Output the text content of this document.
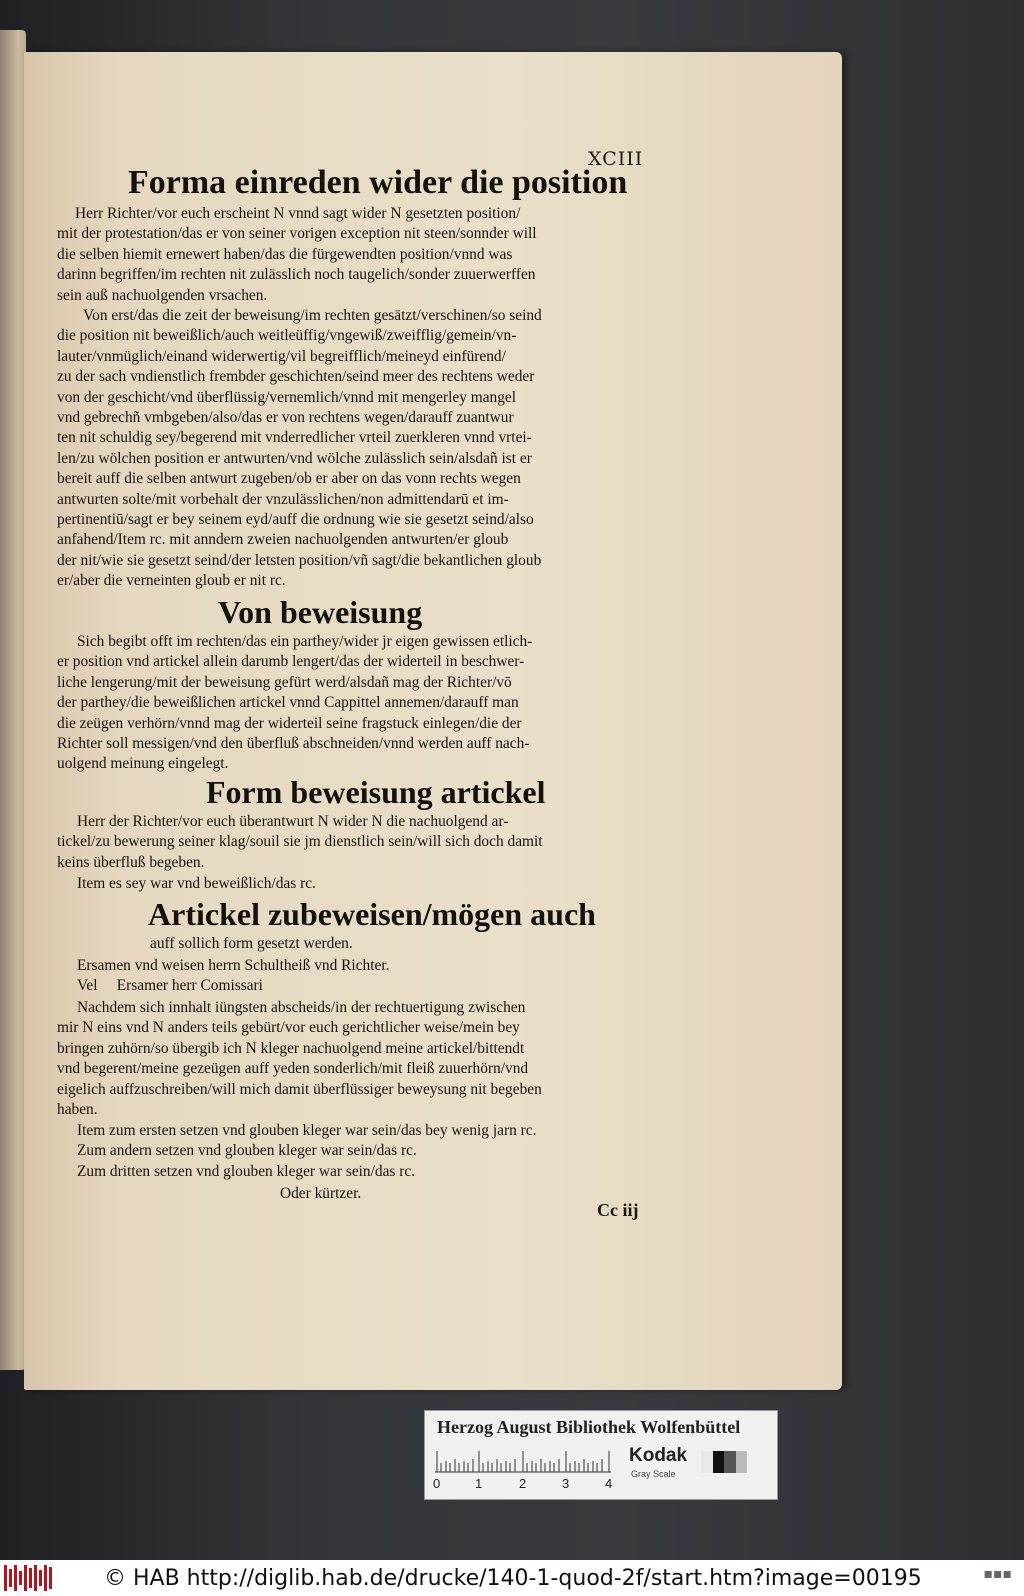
XCIII

Forma einreden wider die position
Herr Richter/vor euch erscheint N vnnd sagt wider N gesetzten position/
mit der protestation/das er von seiner vorigen exception nit steen/sonnder will
die selben hiemit ernewert haben/das die fürgewendten position/vnnd was
darinn begriffen/im rechten nit zulässlich noch taugelich/sonder zuuerwerffen
sein auß nachuolgenden vrsachen.
Von erst/das die zeit der beweisung/im rechten gesätzt/verschinen/so seind
die position nit beweißlich/auch weitleüffig/vngewiß/zweifflig/gemein/vn-
lauter/vnmüglich/einand widerwertig/vil begreifflich/meineyd einfürend/
zu der sach vndienstlich frembder geschichten/seind meer des rechtens weder
von der geschicht/vnd überflüssig/vernemlich/vnnd mit mengerley mangel
vnd gebrechñ vmbgeben/also/das er von rechtens wegen/darauff zuantwur
ten nit schuldig sey/begerend mit vnderredlicher vrteil zuerkleren vnnd vrtei-
len/zu wölchen position er antwurten/vnd wölche zulässlich sein/alsdañ ist er
bereit auff die selben antwurt zugeben/ob er aber on das vonn rechts wegen
antwurten solte/mit vorbehalt der vnzulässlichen/non admittendarū et im-
pertinentiū/sagt er bey seinem eyd/auff die ordnung wie sie gesetzt seind/also
anfahend/Item rc. mit anndern zweien nachuolgenden antwurten/er gloub
der nit/wie sie gesetzt seind/der letsten position/vñ sagt/die bekantlichen gloub
er/aber die verneinten gloub er nit rc.
Von beweisung
Sich begibt offt im rechten/das ein parthey/wider jr eigen gewissen etlich-
er position vnd artickel allein darumb lengert/das der widerteil in beschwer-
liche lengerung/mit der beweisung gefürt werd/alsdañ mag der Richter/vō
der parthey/die beweißlichen artickel vnnd Cappittel annemen/darauff man
die zeügen verhörn/vnnd mag der widerteil seine fragstuck einlegen/die der
Richter soll messigen/vnd den überfluß abschneiden/vnnd werden auff nach-
uolgend meinung eingelegt.
Form beweisung artickel
Herr der Richter/vor euch überantwurt N wider N die nachuolgend ar-
tickel/zu bewerung seiner klag/souil sie jm dienstlich sein/will sich doch damit
keins überfluß begeben.
Item es sey war vnd beweißlich/das rc.
Artickel zubeweisen/mögen auch
auff sollich form gesetzt werden.
Ersamen vnd weisen herrn Schultheiß vnd Richter.
Vel Ersamer herr Comissari
Nachdem sich innhalt iüngsten abscheids/in der rechtuertigung zwischen
mir N eins vnd N anders teils gebürt/vor euch gerichtlicher weise/mein bey
bringen zuhörn/so übergib ich N kleger nachuolgend meine artickel/bittendt
vnd begerent/meine gezeügen auff yeden sonderlich/mit fleiß zuuerhörn/vnd
eigelich auffzuschreiben/will mich damit überflüssiger beweysung nit begeben
haben.
Item zum ersten setzen vnd glouben kleger war sein/das bey wenig jarn rc.
Zum andern setzen vnd glouben kleger war sein/das rc.
Zum dritten setzen vnd glouben kleger war sein/das rc.
Oder kürtzer.

Cc iij

Herzog August Bibliothek Wolfenbüttel
0	1	2	3	4
Kodak
Gray Scale
© HAB http://diglib.hab.de/drucke/140-1-quod-2f/start.htm?image=00195	▪▪▪
